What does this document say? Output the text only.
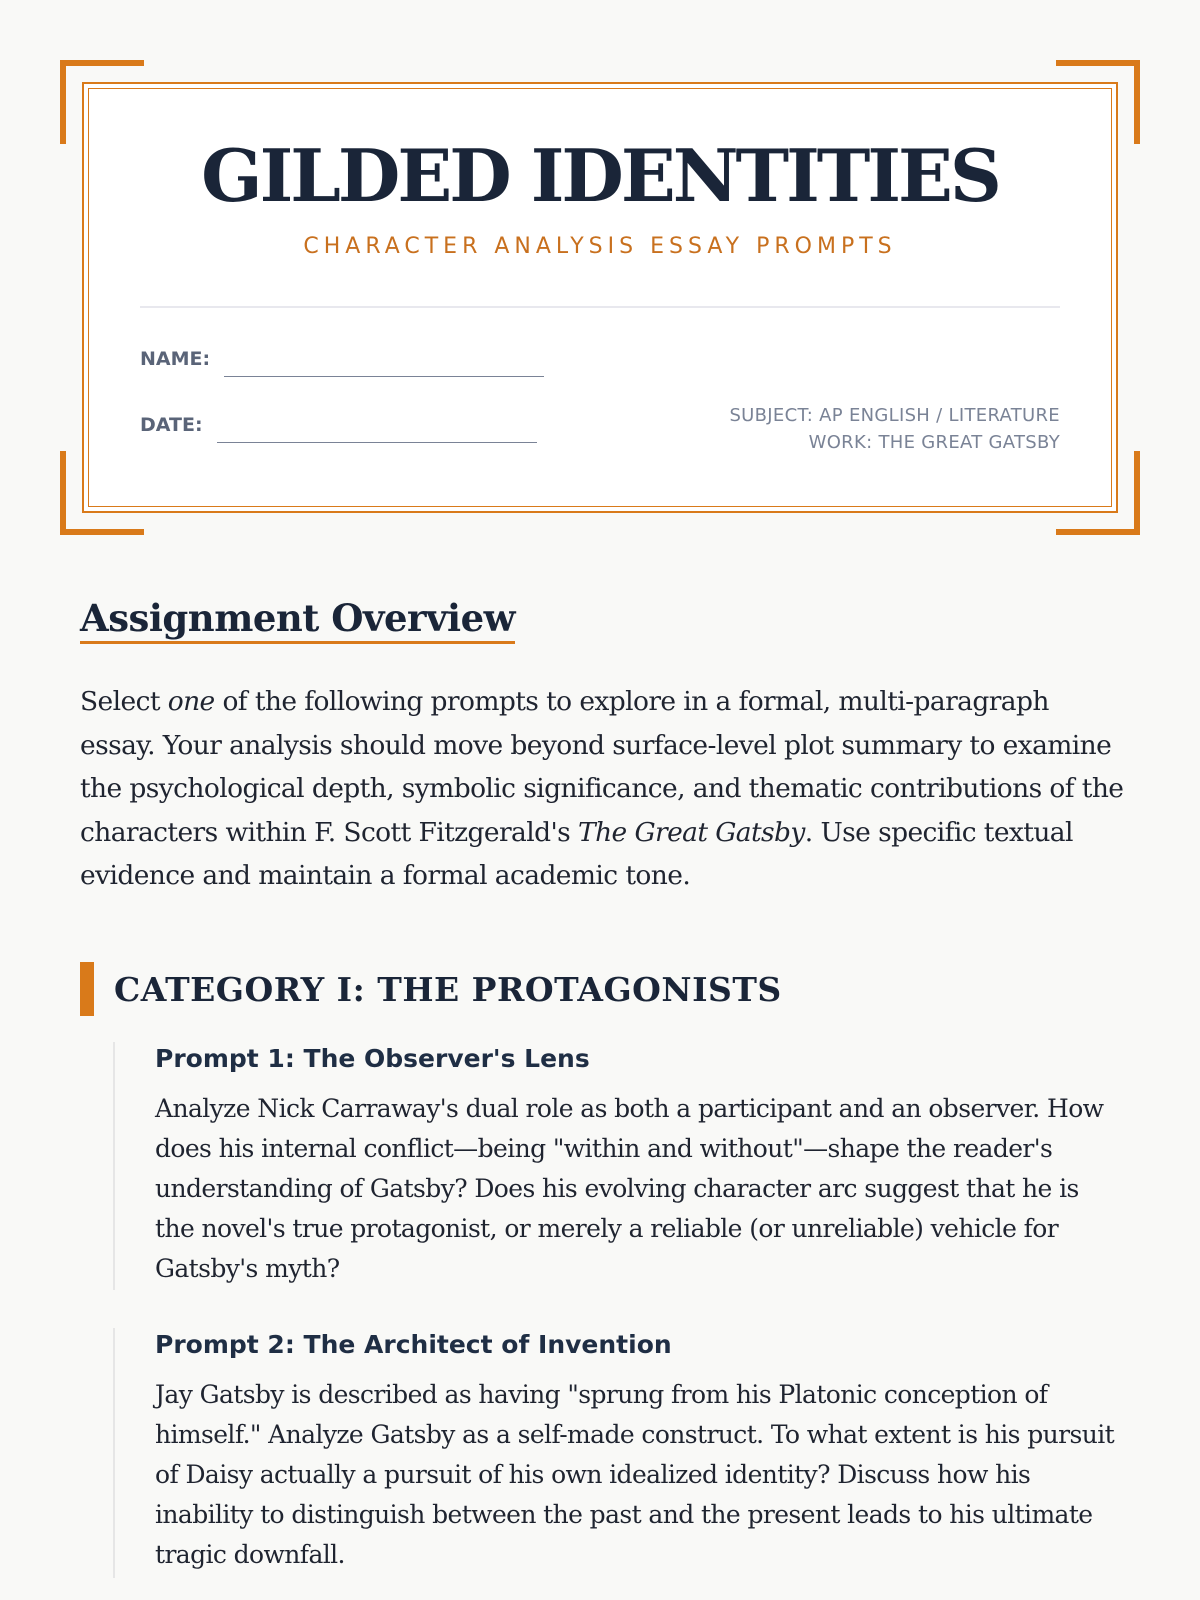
GILDED IDENTITIES
CHARACTER ANALYSIS ESSAY PROMPTS
NAME:
DATE:	SUBJECT: AP ENGLISH / LITERATURE
WORK: THE GREAT GATSBY
Assignment Overview

Select one of the following prompts to explore in a formal, multi-paragraph essay. Your analysis should move beyond surface-level plot summary to examine the psychological depth, symbolic significance, and thematic contributions of the characters within F. Scott Fitzgerald's The Great Gatsby. Use specific textual evidence and maintain a formal academic tone.

CATEGORY I: THE PROTAGONISTS
Prompt 1: The Observer's Lens

Analyze Nick Carraway's dual role as both a participant and an observer. How does his internal conflict—being "within and without"—shape the reader's understanding of Gatsby? Does his evolving character arc suggest that he is the novel's true protagonist, or merely a reliable (or unreliable) vehicle for Gatsby's myth?

Prompt 2: The Architect of Invention

Jay Gatsby is described as having "sprung from his Platonic conception of himself." Analyze Gatsby as a self-made construct. To what extent is his pursuit of Daisy actually a pursuit of his own idealized identity? Discuss how his inability to distinguish between the past and the present leads to his ultimate tragic downfall.
